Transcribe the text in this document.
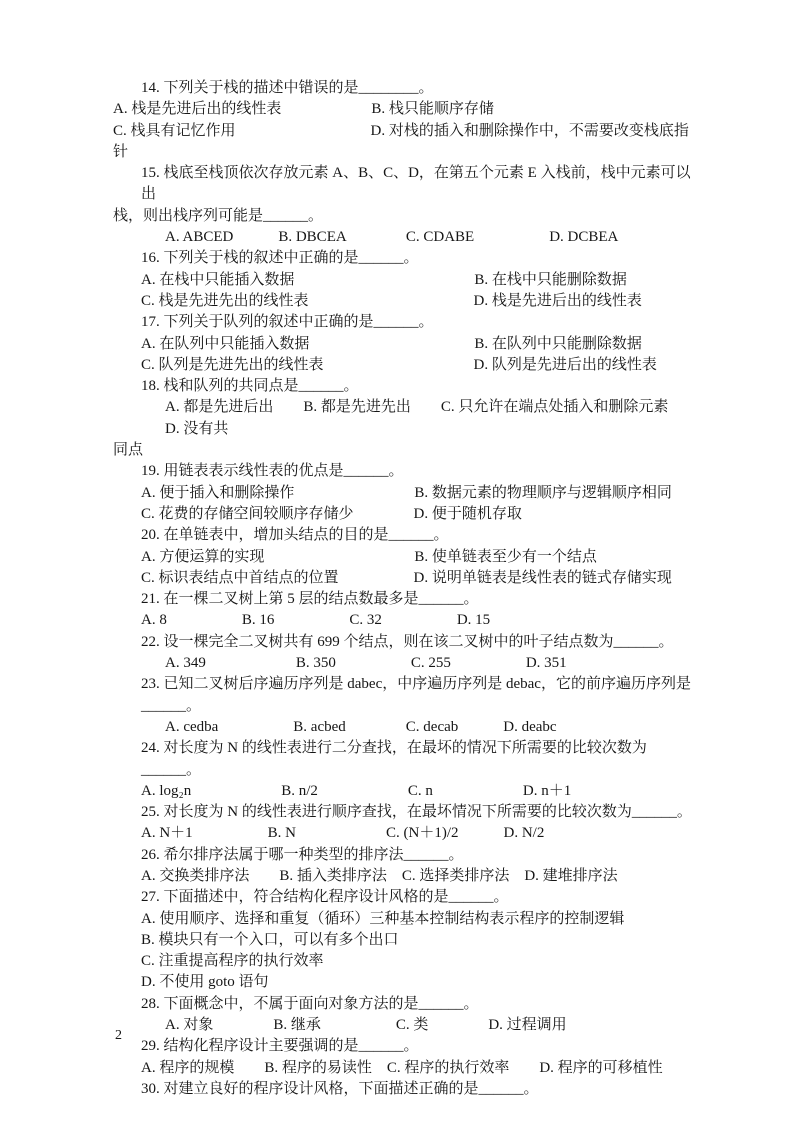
14. 下列关于栈的描述中错误的是________。
A. 栈是先进后出的线性表　　　　　　B. 栈只能顺序存储
C. 栈具有记忆作用　　　　　　　　　D. 对栈的插入和删除操作中，不需要改变栈底指针
15. 栈底至栈顶依次存放元素 A、B、C、D，在第五个元素 E 入栈前，栈中元素可以出
栈，则出栈序列可能是______。
A. ABCED　　　B. DBCEA　　　　C. CDABE　　　　　D. DCBEA
16. 下列关于栈的叙述中正确的是______。
A. 在栈中只能插入数据　　　　　　　　　　　　B. 在栈中只能删除数据
C. 栈是先进先出的线性表　　　　　　　　　　　D. 栈是先进后出的线性表
17. 下列关于队列的叙述中正确的是______。
A. 在队列中只能插入数据　　　　　　　　　　　B. 在队列中只能删除数据
C. 队列是先进先出的线性表　　　　　　　　　　D. 队列是先进后出的线性表
18. 栈和队列的共同点是______。
A. 都是先进后出　　B. 都是先进先出　　C. 只允许在端点处插入和删除元素　D. 没有共
同点
19. 用链表表示线性表的优点是______。
A. 便于插入和删除操作　　　　　　　　B. 数据元素的物理顺序与逻辑顺序相同
C. 花费的存储空间较顺序存储少　　　　D. 便于随机存取
20. 在单链表中，增加头结点的目的是______。
A. 方便运算的实现　　　　　　　　　　B. 使单链表至少有一个结点
C. 标识表结点中首结点的位置　　　　　D. 说明单链表是线性表的链式存储实现
21. 在一棵二叉树上第 5 层的结点数最多是______。
A. 8　　　　　B. 16　　　　　C. 32　　　　　D. 15
22. 设一棵完全二叉树共有 699 个结点，则在该二叉树中的叶子结点数为______。
A. 349　　　　　　B. 350　　　　　C. 255　　　　　D. 351
23. 已知二叉树后序遍历序列是 dabec，中序遍历序列是 debac，它的前序遍历序列是
______。
A. cedba　　　　　B. acbed　　　　C. decab　　　D. deabc
24. 对长度为 N 的线性表进行二分查找，在最坏的情况下所需要的比较次数为______。
A. log₂n　　　　　　B. n/2　　　　　　C. n　　　　　　D. n＋1
25. 对长度为 N 的线性表进行顺序查找，在最坏情况下所需要的比较次数为______。
A. N＋1　　　　　B. N　　　　　　C. (N＋1)/2　　　D. N/2
26. 希尔排序法属于哪一种类型的排序法______。
A. 交换类排序法　　B. 插入类排序法　C. 选择类排序法　D. 建堆排序法
27. 下面描述中，符合结构化程序设计风格的是______。
A. 使用顺序、选择和重复（循环）三种基本控制结构表示程序的控制逻辑
B. 模块只有一个入口，可以有多个出口
C. 注重提高程序的执行效率
D. 不使用 goto 语句
28. 下面概念中，不属于面向对象方法的是______。
A. 对象　　　　B. 继承　　　　　C. 类　　　　D. 过程调用
29. 结构化程序设计主要强调的是______。
A. 程序的规模　　B. 程序的易读性　C. 程序的执行效率　　D. 程序的可移植性
30. 对建立良好的程序设计风格，下面描述正确的是______。
2
